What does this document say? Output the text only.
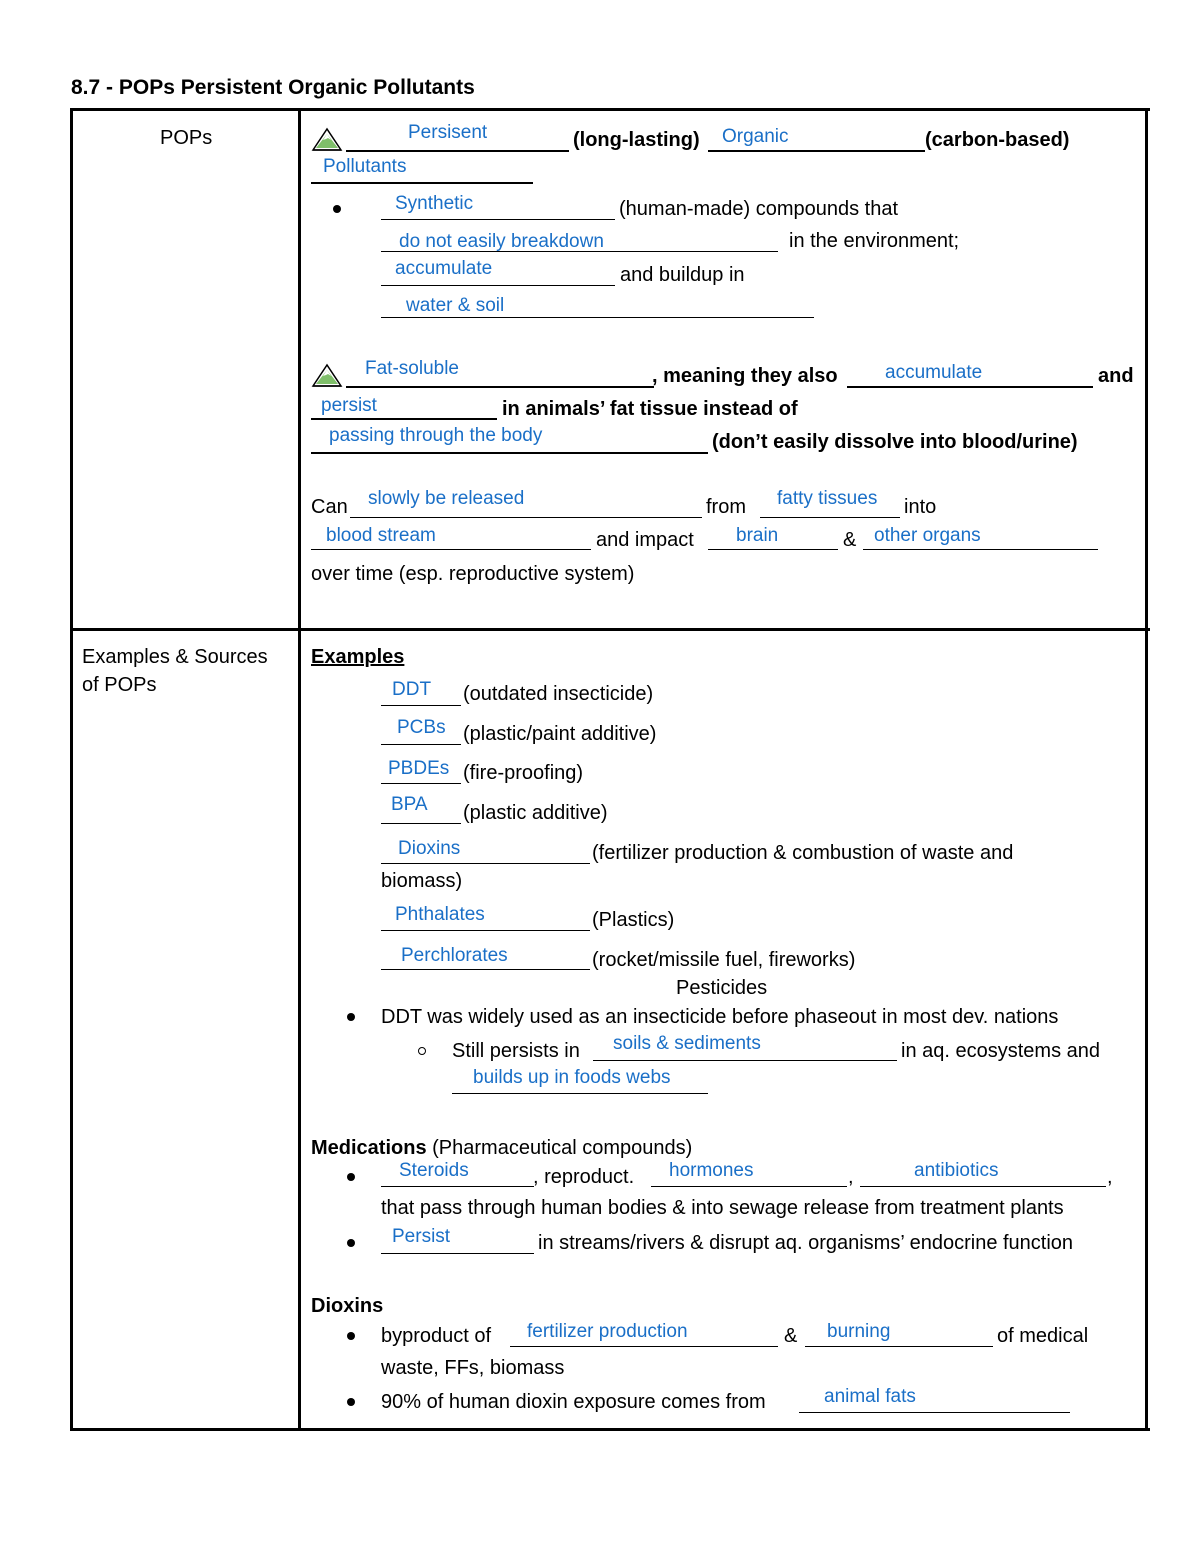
8.7 - POPs Persistent Organic Pollutants
POPs	Persisent	(long-lasting) Organic	(carbon-based)
Pollutants
Synthetic	(human-made) compounds that
do not easily breakdown	in the environment;
accumulate	and buildup in
water & soil
Fat-soluble	, meaning they also accumulate	and
persist	in animals’ fat tissue instead of
passing through the body	(don’t easily dissolve into blood/urine)
Can slowly be released	from fatty tissues into
blood stream	and impact brain	& other organs
over time (esp. reproductive system)
Examples & Sources
of POPs
Examples
DDT (outdated insecticide)
PCBs (plastic/paint additive)
PBDEs (fire-proofing)
BPA (plastic additive)
Dioxins	(fertilizer production & combustion of waste and
biomass)
Phthalates	(Plastics)
Perchlorates	(rocket/missile fuel, fireworks)
Pesticides
DDT was widely used as an insecticide before phaseout in most dev. nations
Still persists in soils & sediments	in aq. ecosystems and
builds up in foods webs
Medications (Pharmaceutical compounds)
Steroids	, reproduct. hormones	,	antibiotics	,
that pass through human bodies & into sewage release from treatment plants
Persist	in streams/rivers & disrupt aq. organisms’ endocrine function
Dioxins
byproduct of fertilizer production	& burning	of medical
waste, FFs, biomass
90% of human dioxin exposure comes from	animal fats
